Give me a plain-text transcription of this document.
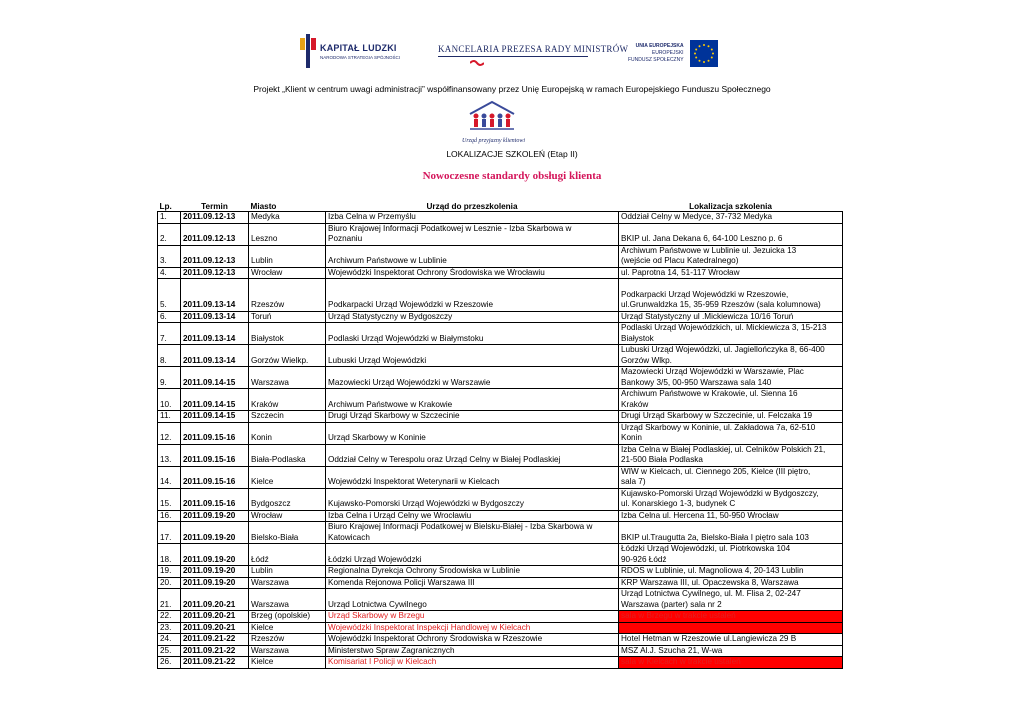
KAPITAŁ LUDZKI
NARODOWA STRATEGIA SPÓJNOŚCI
KANCELARIA PREZESA RADY MINISTRÓW	UNIA EUROPEJSKA
EUROPEJSKI
FUNDUSZ SPOŁECZNY
Projekt „Klient w centrum uwagi administracji” współfinansowany przez Unię Europejską w ramach Europejskiego Funduszu Społecznego
Urząd przyjazny klientowi
LOKALIZACJE SZKOLEŃ (Etap II)
Nowoczesne standardy obsługi klienta
Lp.	Termin	Miasto	Urząd do przeszkolenia	Lokalizacja szkolenia
1.	2011.09.12-13	Medyka	Izba Celna w Przemyślu	Oddział Celny w Medyce, 37-732 Medyka

2.	2011.09.12-13	Leszno	Biuro Krajowej Informacji Podatkowej w Lesznie - Izba Skarbowa w
Poznaniu	BKIP ul. Jana Dekana 6, 64-100 Leszno p. 6

3.	2011.09.12-13	Lublin	Archiwum Państwowe w Lublinie	Archiwum Państwowe w Lublinie ul. Jezuicka 13
(wejście od Placu Katedralnego)

4.	2011.09.12-13	Wrocław	Wojewódzki Inspektorat Ochrony Środowiska we Wrocławiu	ul. Paprotna 14, 51-117 Wrocław

5.	2011.09.13-14	Rzeszów	Podkarpacki Urząd Wojewódzki w Rzeszowie	Podkarpacki Urząd Wojewódzki w Rzeszowie,
ul.Grunwaldzka 15, 35-959 Rzeszów (sala kolumnowa)

6.	2011.09.13-14	Toruń	Urząd Statystyczny w Bydgoszczy	Urząd Statystyczny ul .Mickiewicza 10/16 Toruń

7.	2011.09.13-14	Białystok	Podlaski Urząd Wojewódzki w Białymstoku	Podlaski Urząd Wojewódzkich, ul. Mickiewicza 3, 15-213
Białystok

8.	2011.09.13-14	Gorzów Wielkp.	Lubuski Urząd Wojewódzki	Lubuski Urząd Wojewódzki, ul. Jagiellończyka 8, 66-400
Gorzów Wlkp.

9.	2011.09.14-15	Warszawa	Mazowiecki Urząd Wojewódzki w Warszawie	Mazowiecki Urząd Wojewódzki w Warszawie, Plac
Bankowy 3/5, 00-950 Warszawa sala 140

10.	2011.09.14-15	Kraków	Archiwum Państwowe w Krakowie	Archiwum Państwowe w Krakowie, ul. Sienna 16
Kraków

11.	2011.09.14-15	Szczecin	Drugi Urząd Skarbowy w Szczecinie	Drugi Urząd Skarbowy w Szczecinie, ul. Felczaka 19

12.	2011.09.15-16	Konin	Urząd Skarbowy w Koninie	Urząd Skarbowy w Koninie, ul. Zakładowa 7a, 62-510
Konin

13.	2011.09.15-16	Biała-Podlaska	Oddział Celny w Terespolu oraz Urząd Celny w Białej Podlaskiej	Izba Celna w Białej Podlaskiej, ul. Celników Polskich 21,
21-500 Biała Podlaska

14.	2011.09.15-16	Kielce	Wojewódzki Inspektorat Weterynarii w Kielcach	WIW w Kielcach, ul. Ciennego 205, Kielce (III piętro,
sala 7)

15.	2011.09.15-16	Bydgoszcz	Kujawsko-Pomorski Urząd Wojewódzki w Bydgoszczy	Kujawsko-Pomorski Urząd Wojewódzki w Bydgoszczy,
ul. Konarskiego 1-3, budynek C

16.	2011.09.19-20	Wrocław	Izba Celna i Urząd Celny we Wrocławiu	Izba Celna ul. Hercena 11, 50-950 Wrocław

17.	2011.09.19-20	Bielsko-Biała	Biuro Krajowej Informacji Podatkowej w Bielsku-Białej - Izba Skarbowa w
Katowicach	BKIP ul.Traugutta 2a, Bielsko-Biała I piętro sala 103

18.	2011.09.19-20	Łódź	Łódzki Urząd Wojewódzki	Łódzki Urząd Wojewódzki, ul. Piotrkowska 104
90-926 Łódź

19.	2011.09.19-20	Lublin	Regionalna Dyrekcja Ochrony Środowiska w Lublinie	RDOS w Lublinie, ul. Magnoliowa 4, 20-143 Lublin

20.	2011.09.19-20	Warszawa	Komenda Rejonowa Policji Warszawa III	KRP Warszawa III, ul. Opaczewska 8, Warszawa

21.	2011.09.20-21	Warszawa	Urząd Lotnictwa Cywilnego	Urząd Lotnictwa Cywilnego, ul. M. Flisa 2, 02-247
Warszawa (parter) sala nr 2

22.	2011.09.20-21	Brzeg (opolskie)	Urząd Skarbowy w Brzegu	sala w Brzegu w trakcie ustaleń

23.	2011.09.20-21	Kielce	Wojewódzki Inspektorat Inspekcji Handlowej w Kielcach	

24.	2011.09.21-22	Rzeszów	Wojewódzki Inspektorat Ochrony Środowiska w Rzeszowie	Hotel Hetman w Rzeszowie ul.Langiewicza 29 B

25.	2011.09.21-22	Warszawa	Ministerstwo Spraw Zagranicznych	MSZ Al.J. Szucha 21, W-wa

26.	2011.09.21-22	Kielce	Komisariat I Policji w Kielcach	sala w Kielcach w trakcie ustaleń
